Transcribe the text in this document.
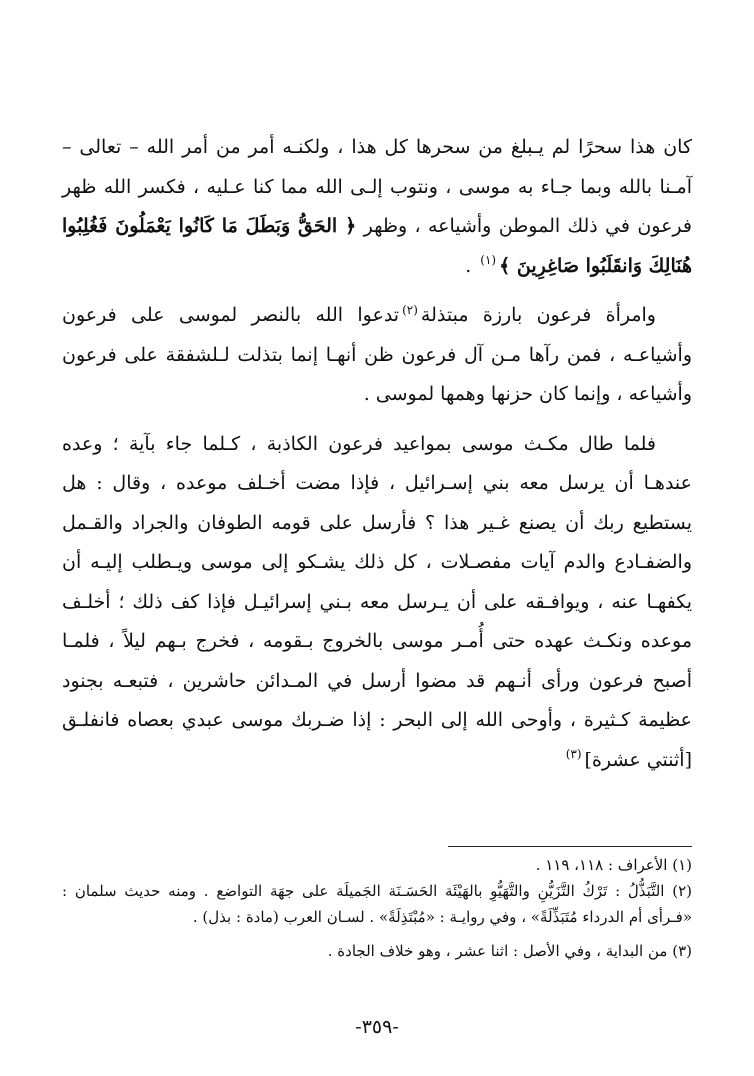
كان هذا سحرًا لم يـبلغ من سحرها كل هذا ، ولكنـه أمر من أمر الله – تعالى – آمـنا بالله وبما جـاء به موسى ، ونتوب إلـى الله مما كنا عـليه ، فكسر الله ظهر فرعون في ذلك الموطن وأشياعه ، وظهر ﴿ الحَقُّ وَبَطَلَ مَا كَانُوا يَعْمَلُونَ فَغُلِبُوا هُنَالِكَ وَانقَلَبُوا صَاغِرِينَ ﴾$^{(١)}$ .

وامرأة فرعون بارزة مبتذلة$^{(٢)}$تدعوا الله بالنصر لموسى على فرعون وأشياعـه ، فمن رآها مـن آل فرعون ظن أنهـا إنما بتذلت لـلشفقة على فرعون وأشياعه ، وإنما كان حزنها وهمها لموسى .

فلما طال مكـث موسى بمواعيد فرعون الكاذبة ، كـلما جاء بآية ؛ وعده عندهـا أن يرسل معه بني إسـرائيل ، فإذا مضت أخـلف موعده ، وقال : هل يستطيع ربك أن يصنع غـير هذا ؟ فأرسل على قومه الطوفان والجراد والقـمل والضفـادع والدم آيات مفصـلات ، كل ذلك يشـكو إلى موسى ويـطلب إليـه أن يكفهـا عنه ، ويوافـقه على أن يـرسل معه بـني إسرائيـل فإذا كف ذلك ؛ أخلـف موعده ونكـث عهده حتى أُمـر موسى بالخروج بـقومه ، فخرج بـهم ليلاً ، فلمـا أصبح فرعون ورأى أنـهم قد مضوا أرسل في المـدائن حاشرين ، فتبعـه بجنود عظيمة كـثيرة ، وأوحى الله إلى البحر : إذا ضـربك موسى عبدي بعصاه فانفلـق [أثنتي عشرة]$^{(٣)}$

(١) الأعراف : ١١٨، ١١٩ .

(٢) التَّبَذُّلُ : تَرْكُ التَّزَيُّنِ والتَّهَيُّوِ بالهَيْئَة الحَسَـنَة الجَميلَة على جهَة التواضع . ومنه حديث سلمان : «فـرأى أم الدرداء مُتَبَذِّلَةً» ، وفي روايـة : «مُبْتَذِلَةً» . لسـان العرب (مادة : بذل) .

(٣) من البداية ، وفي الأصل : اثنا عشر ، وهو خلاف الجادة .

-٣٥٩-
